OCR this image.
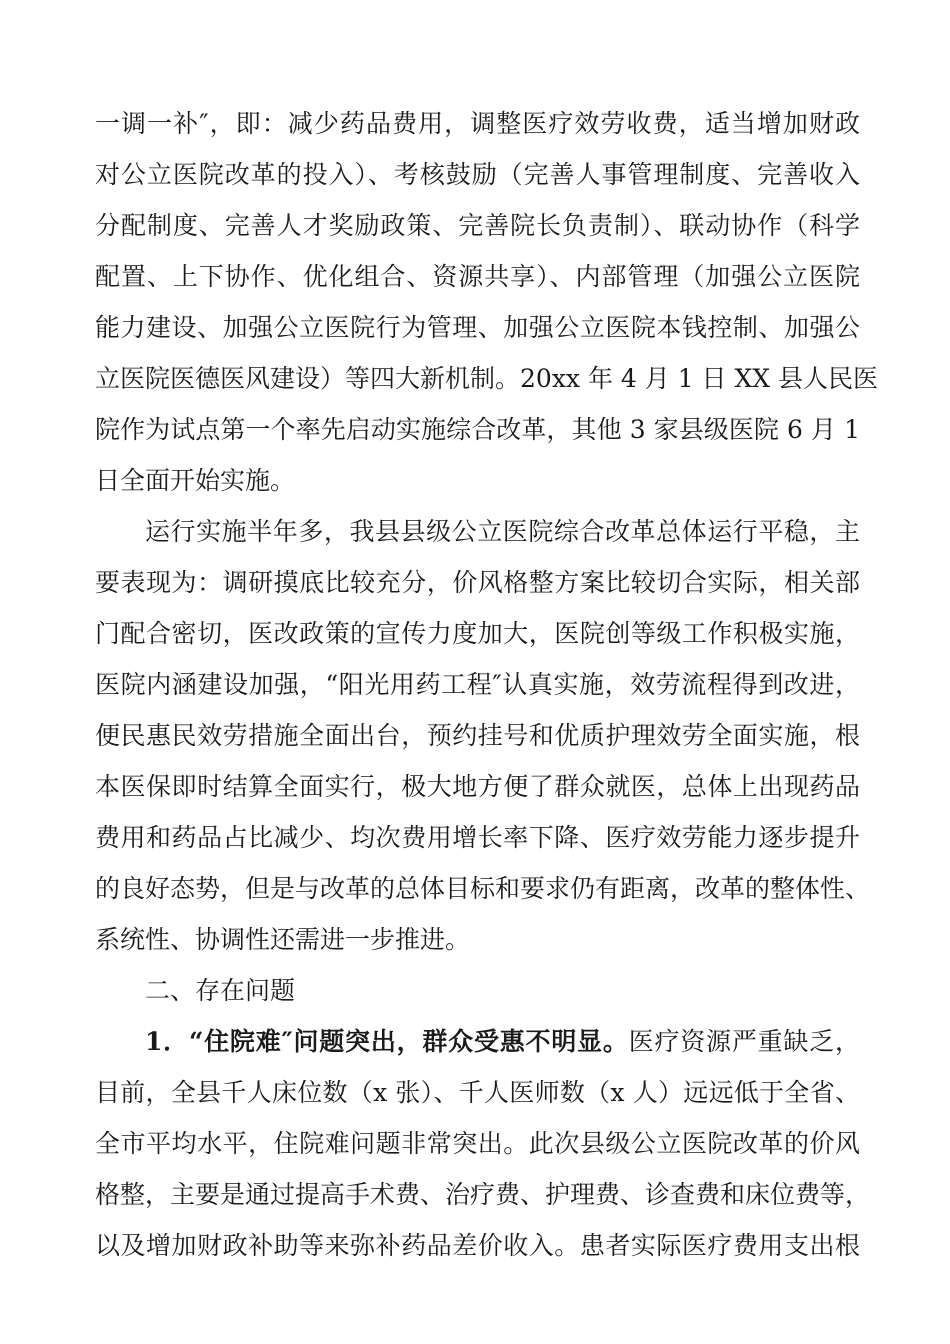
一调一补″，即：减少药品费用，调整医疗效劳收费，适当增加财政
对公立医院改革的投入）、考核鼓励（完善人事管理制度、完善收入
分配制度、完善人才奖励政策、完善院长负责制）、联动协作（科学
配置、上下协作、优化组合、资源共享）、内部管理（加强公立医院
能力建设、加强公立医院行为管理、加强公立医院本钱控制、加强公
立医院医德医风建设）等四大新机制。20xx 年 4 月 1 日 XX 县人民医
院作为试点第一个率先启动实施综合改革，其他 3 家县级医院 6 月 1
日全面开始实施。
运行实施半年多，我县县级公立医院综合改革总体运行平稳，主
要表现为：调研摸底比较充分，价风格整方案比较切合实际，相关部
门配合密切，医改政策的宣传力度加大，医院创等级工作积极实施，
医院内涵建设加强，“阳光用药工程″认真实施，效劳流程得到改进，
便民惠民效劳措施全面出台，预约挂号和优质护理效劳全面实施，根
本医保即时结算全面实行，极大地方便了群众就医，总体上出现药品
费用和药品占比减少、均次费用增长率下降、医疗效劳能力逐步提升
的良好态势，但是与改革的总体目标和要求仍有距离，改革的整体性、
系统性、协调性还需进一步推进。
二、存在问题
1．“住院难″问题突出，群众受惠不明显。医疗资源严重缺乏，
目前，全县千人床位数（x 张）、千人医师数（x 人）远远低于全省、
全市平均水平，住院难问题非常突出。此次县级公立医院改革的价风
格整，主要是通过提高手术费、治疗费、护理费、诊查费和床位费等，
以及增加财政补助等来弥补药品差价收入。患者实际医疗费用支出根
